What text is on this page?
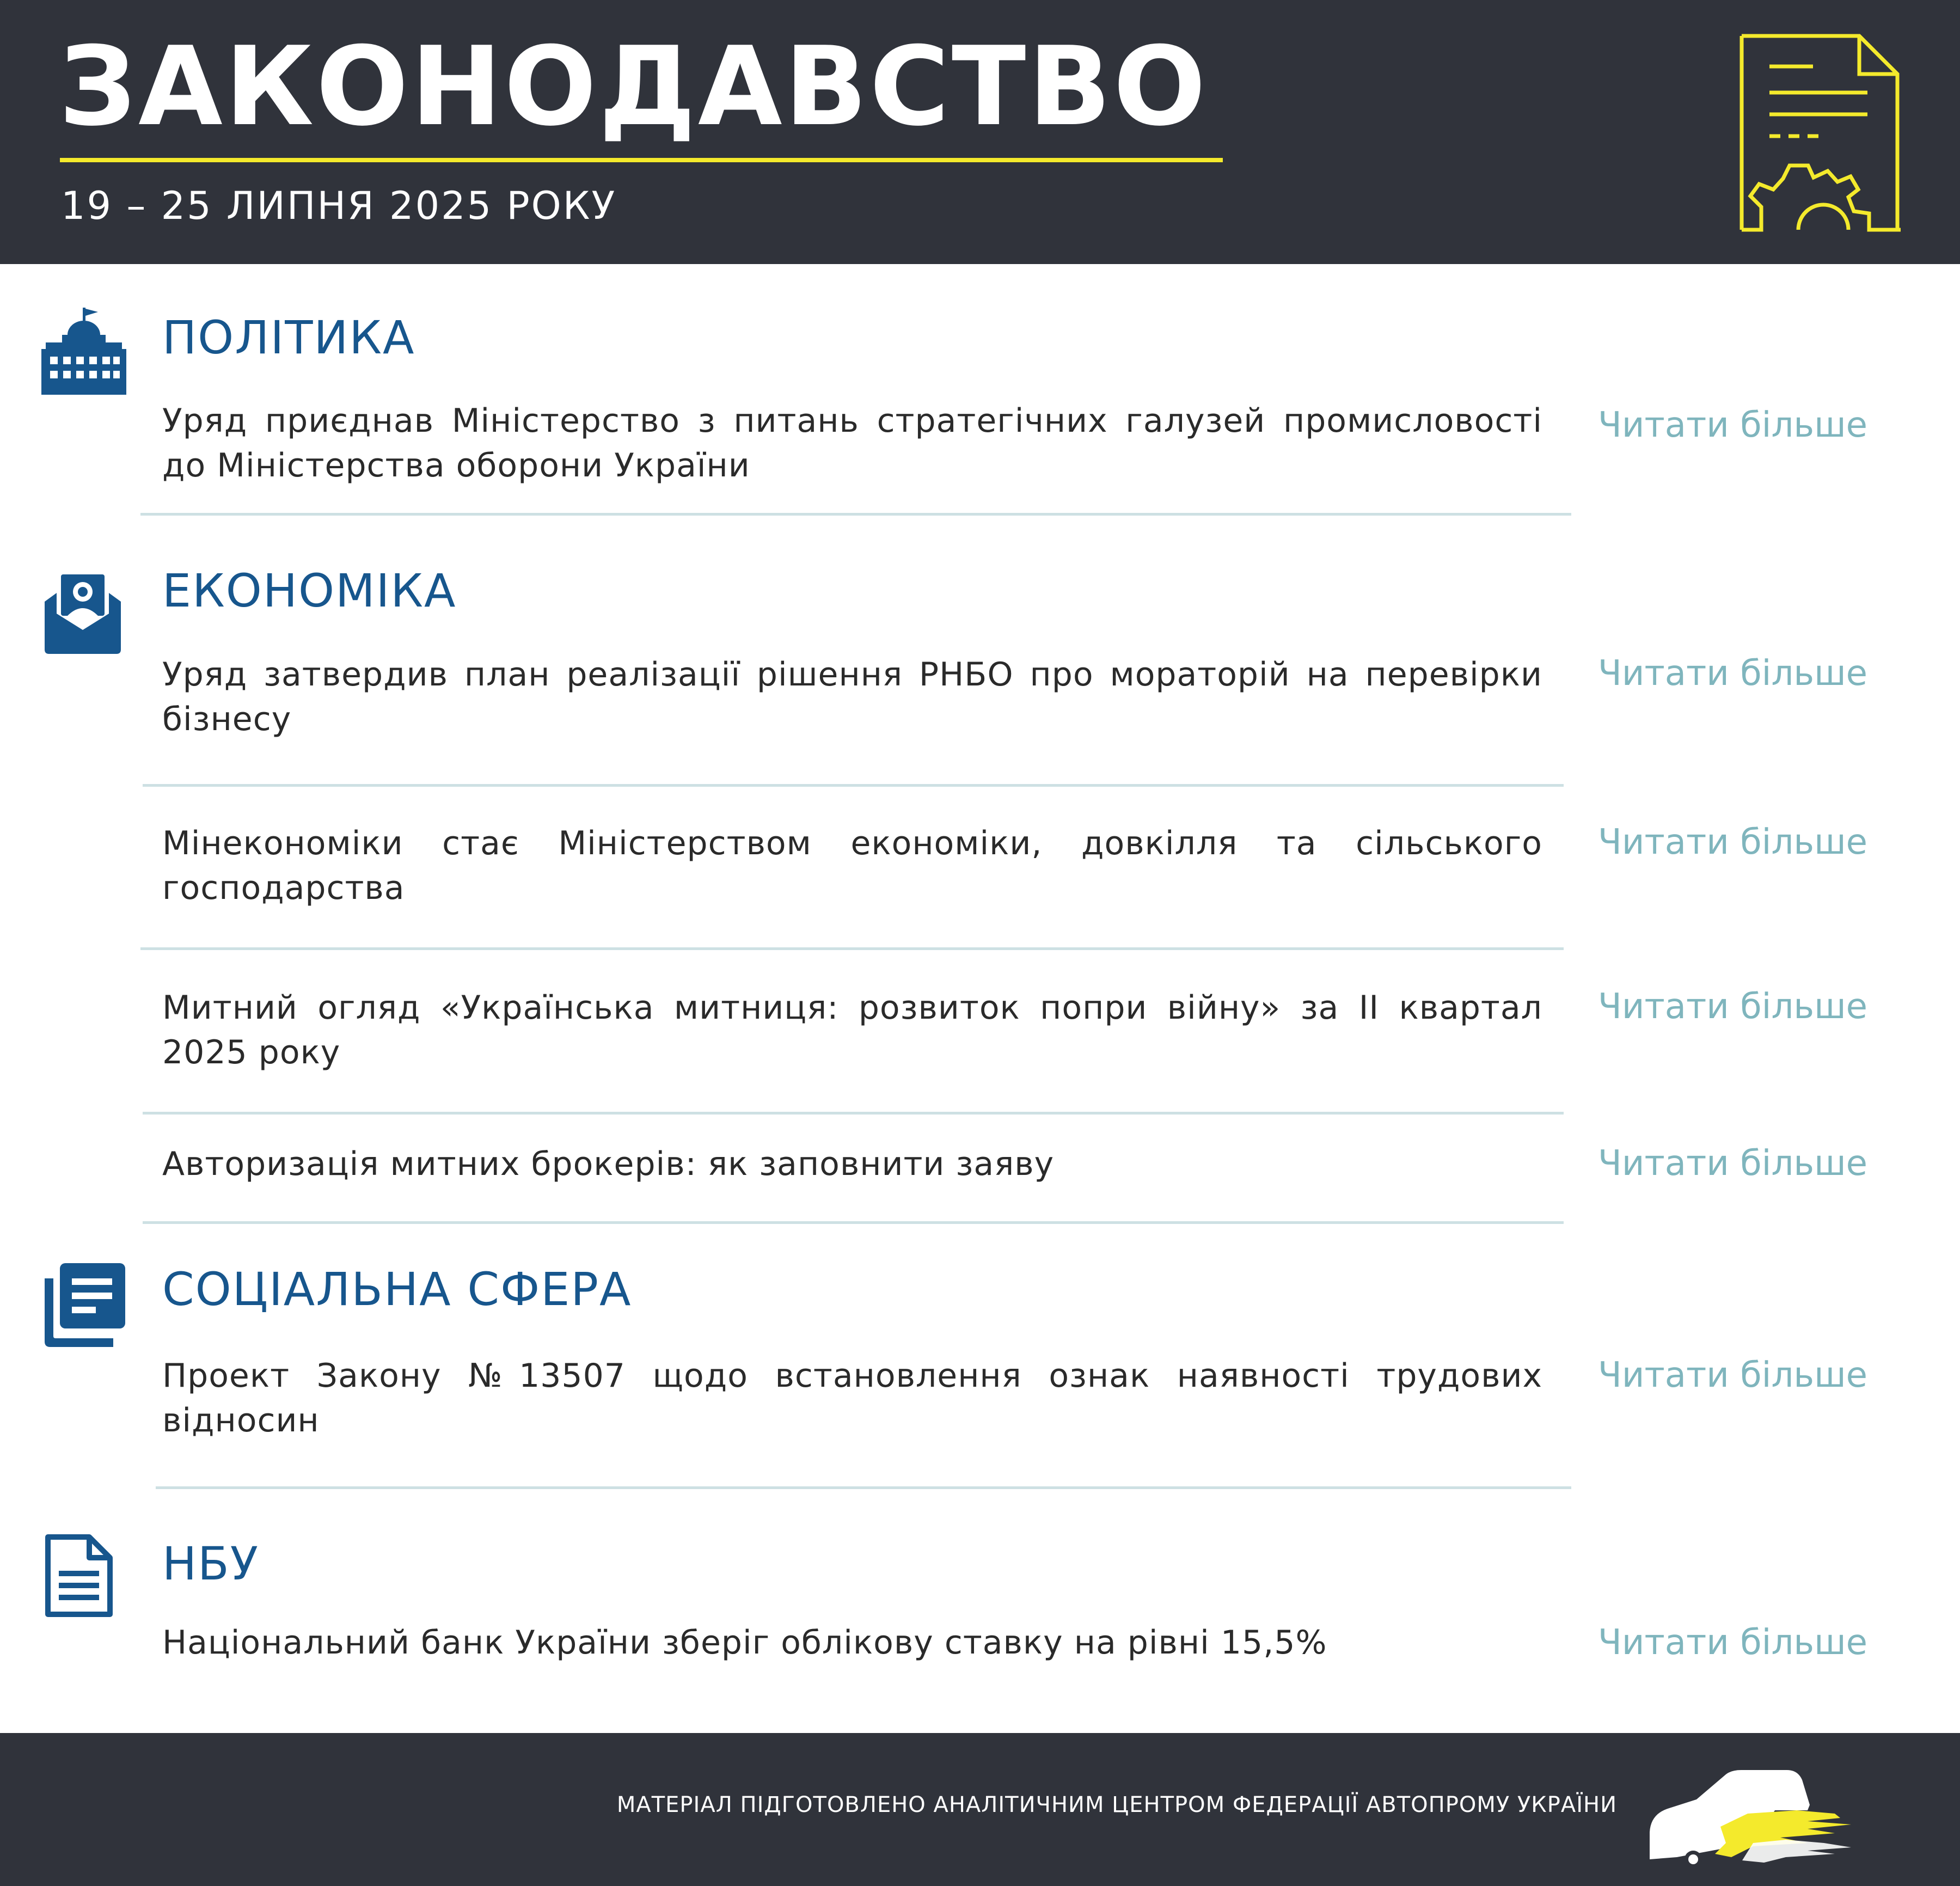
ЗАКОНОДАВСТВО
19 – 25 ЛИПНЯ 2025 РОКУ
ПОЛІТИКА
Уряд приєднав Міністерство з питань стратегічних галузей промисловості до Міністерства оборони України
Читати більше
ЕКОНОМІКА
Уряд затвердив план реалізації рішення РНБО про мораторій на перевірки бізнесу
Читати більше
Мінекономіки стає Міністерством економіки, довкілля та сільського господарства
Читати більше
Митний огляд «Українська митниця: розвиток попри війну» за II квартал 2025 року
Читати більше
Авторизація митних брокерів: як заповнити заяву	Читати більше
СОЦІАЛЬНА СФЕРА
Проект Закону №13507 щодо встановлення ознак наявності трудових відносин
Читати більше
НБУ
Національний банк України зберіг облікову ставку на рівні 15,5%	Читати більше
МАТЕРІАЛ ПІДГОТОВЛЕНО АНАЛІТИЧНИМ ЦЕНТРОМ ФЕДЕРАЦІЇ АВТОПРОМУ УКРАЇНИ
